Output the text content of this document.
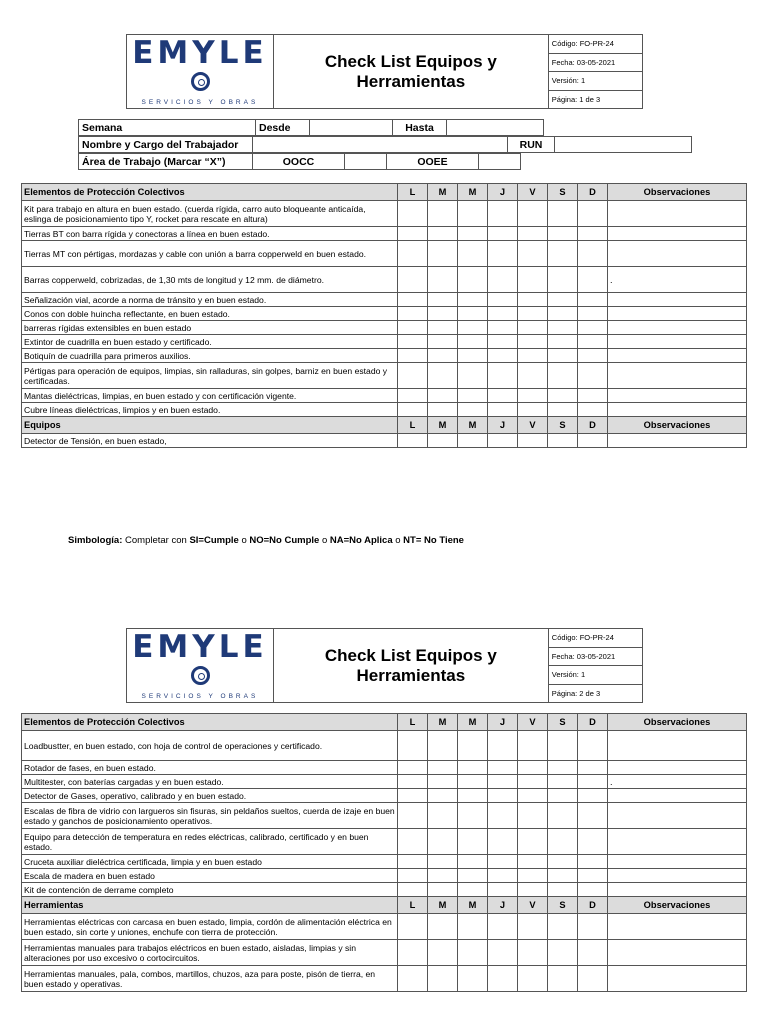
EMYLE
SERVICIOS Y OBRAS
	Check List Equipos y Herramientas	Código: FO-PR-24
Fecha: 03-05-2021
Versión: 1
Página: 1 de 3
Semana	Desde		Hasta	
Nombre y Cargo del Trabajador		RUN	
Área de Trabajo (Marcar “X”)	OOCC		OOEE	
Elementos de Protección Colectivos	L	M	M	J	V	S	D	Observaciones
Kit para trabajo en altura en buen estado. (cuerda rígida, carro auto bloqueante anticaída, eslinga de posicionamiento tipo Y, rocket para rescate en altura)								
Tierras BT con barra rígida y conectoras a línea en buen estado.								
Tierras MT con pértigas, mordazas y cable con unión a barra copperweld en buen estado.								
Barras copperweld, cobrizadas, de 1,30 mts de longitud y 12 mm. de diámetro.								.
Señalización vial, acorde a norma de tránsito y en buen estado.								
Conos con doble huincha reflectante, en buen estado.								
barreras rígidas extensibles en buen estado								
Extintor de cuadrilla en buen estado y certificado.								
Botiquín de cuadrilla para primeros auxilios.								
Pértigas para operación de equipos, limpias, sin ralladuras, sin golpes, barniz en buen estado y certificadas.								
Mantas dieléctricas, limpias, en buen estado y con certificación vigente.								
Cubre líneas dieléctricas, limpios y en buen estado.								
Equipos	L	M	M	J	V	S	D	Observaciones
Detector de Tensión, en buen estado,								
Simbología: Completar con SI=Cumple o NO=No Cumple o NA=No Aplica o NT= No Tiene
EMYLE
SERVICIOS Y OBRAS
	Check List Equipos y Herramientas	Código: FO-PR-24
Fecha: 03-05-2021
Versión: 1
Página: 2 de 3
Elementos de Protección Colectivos	L	M	M	J	V	S	D	Observaciones
Loadbustter, en buen estado, con hoja de control de operaciones y certificado.								
Rotador de fases, en buen estado.								
Multitester, con baterías cargadas y en buen estado.								.
Detector de Gases, operativo, calibrado y en buen estado.								
Escalas de fibra de vidrio con largueros sin fisuras, sin peldaños sueltos, cuerda de izaje en buen estado y ganchos de posicionamiento operativos.								
Equipo para detección de temperatura en redes eléctricas, calibrado, certificado y en buen estado.								
Cruceta auxiliar dieléctrica certificada, limpia y en buen estado								
Escala de madera en buen estado								
Kit de contención de derrame completo								
Herramientas	L	M	M	J	V	S	D	Observaciones
Herramientas eléctricas con carcasa en buen estado, limpia, cordón de alimentación eléctrica en buen estado, sin corte y uniones, enchufe con tierra de protección.								
Herramientas manuales para trabajos eléctricos en buen estado, aisladas, limpias y sin alteraciones por uso excesivo o cortocircuitos.								
Herramientas manuales, pala, combos, martillos, chuzos, aza para poste, pisón de tierra, en buen estado y operativas.								
